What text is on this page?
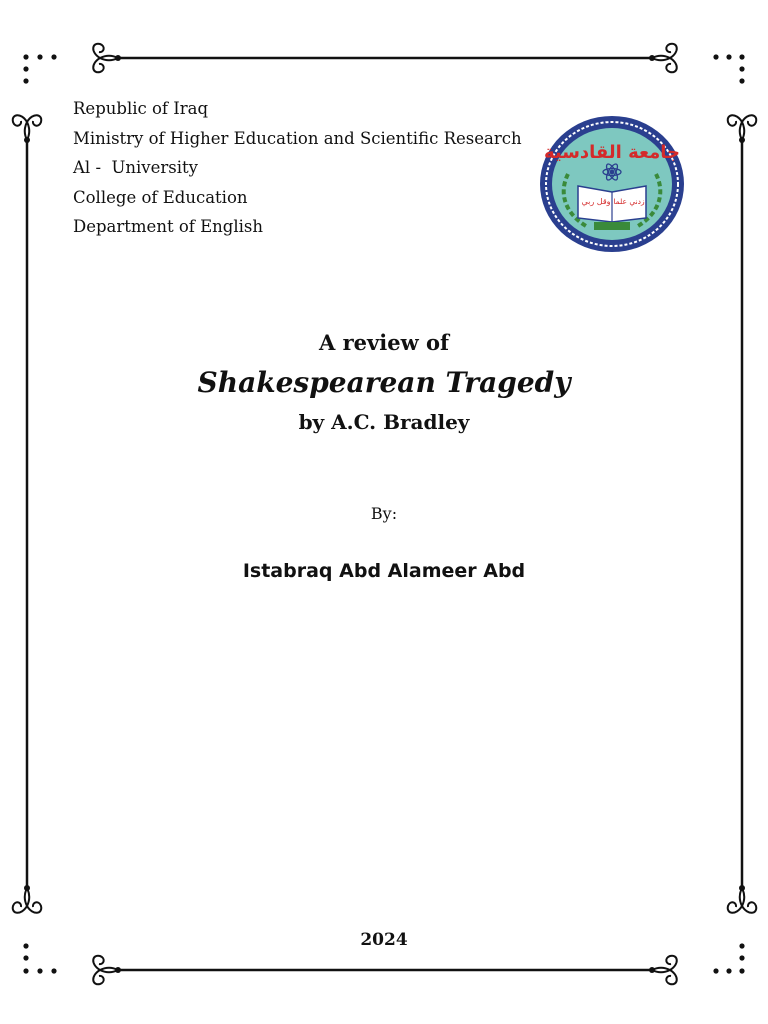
Republic of Iraq
Ministry of Higher Education and Scientific Research
Al -  University
College of Education
Department of English
جامعة القادسية
وقل ربي زدني علما
A review of
Shakespearean Tragedy
by A.C. Bradley
By:
Istabraq Abd Alameer Abd
2024
